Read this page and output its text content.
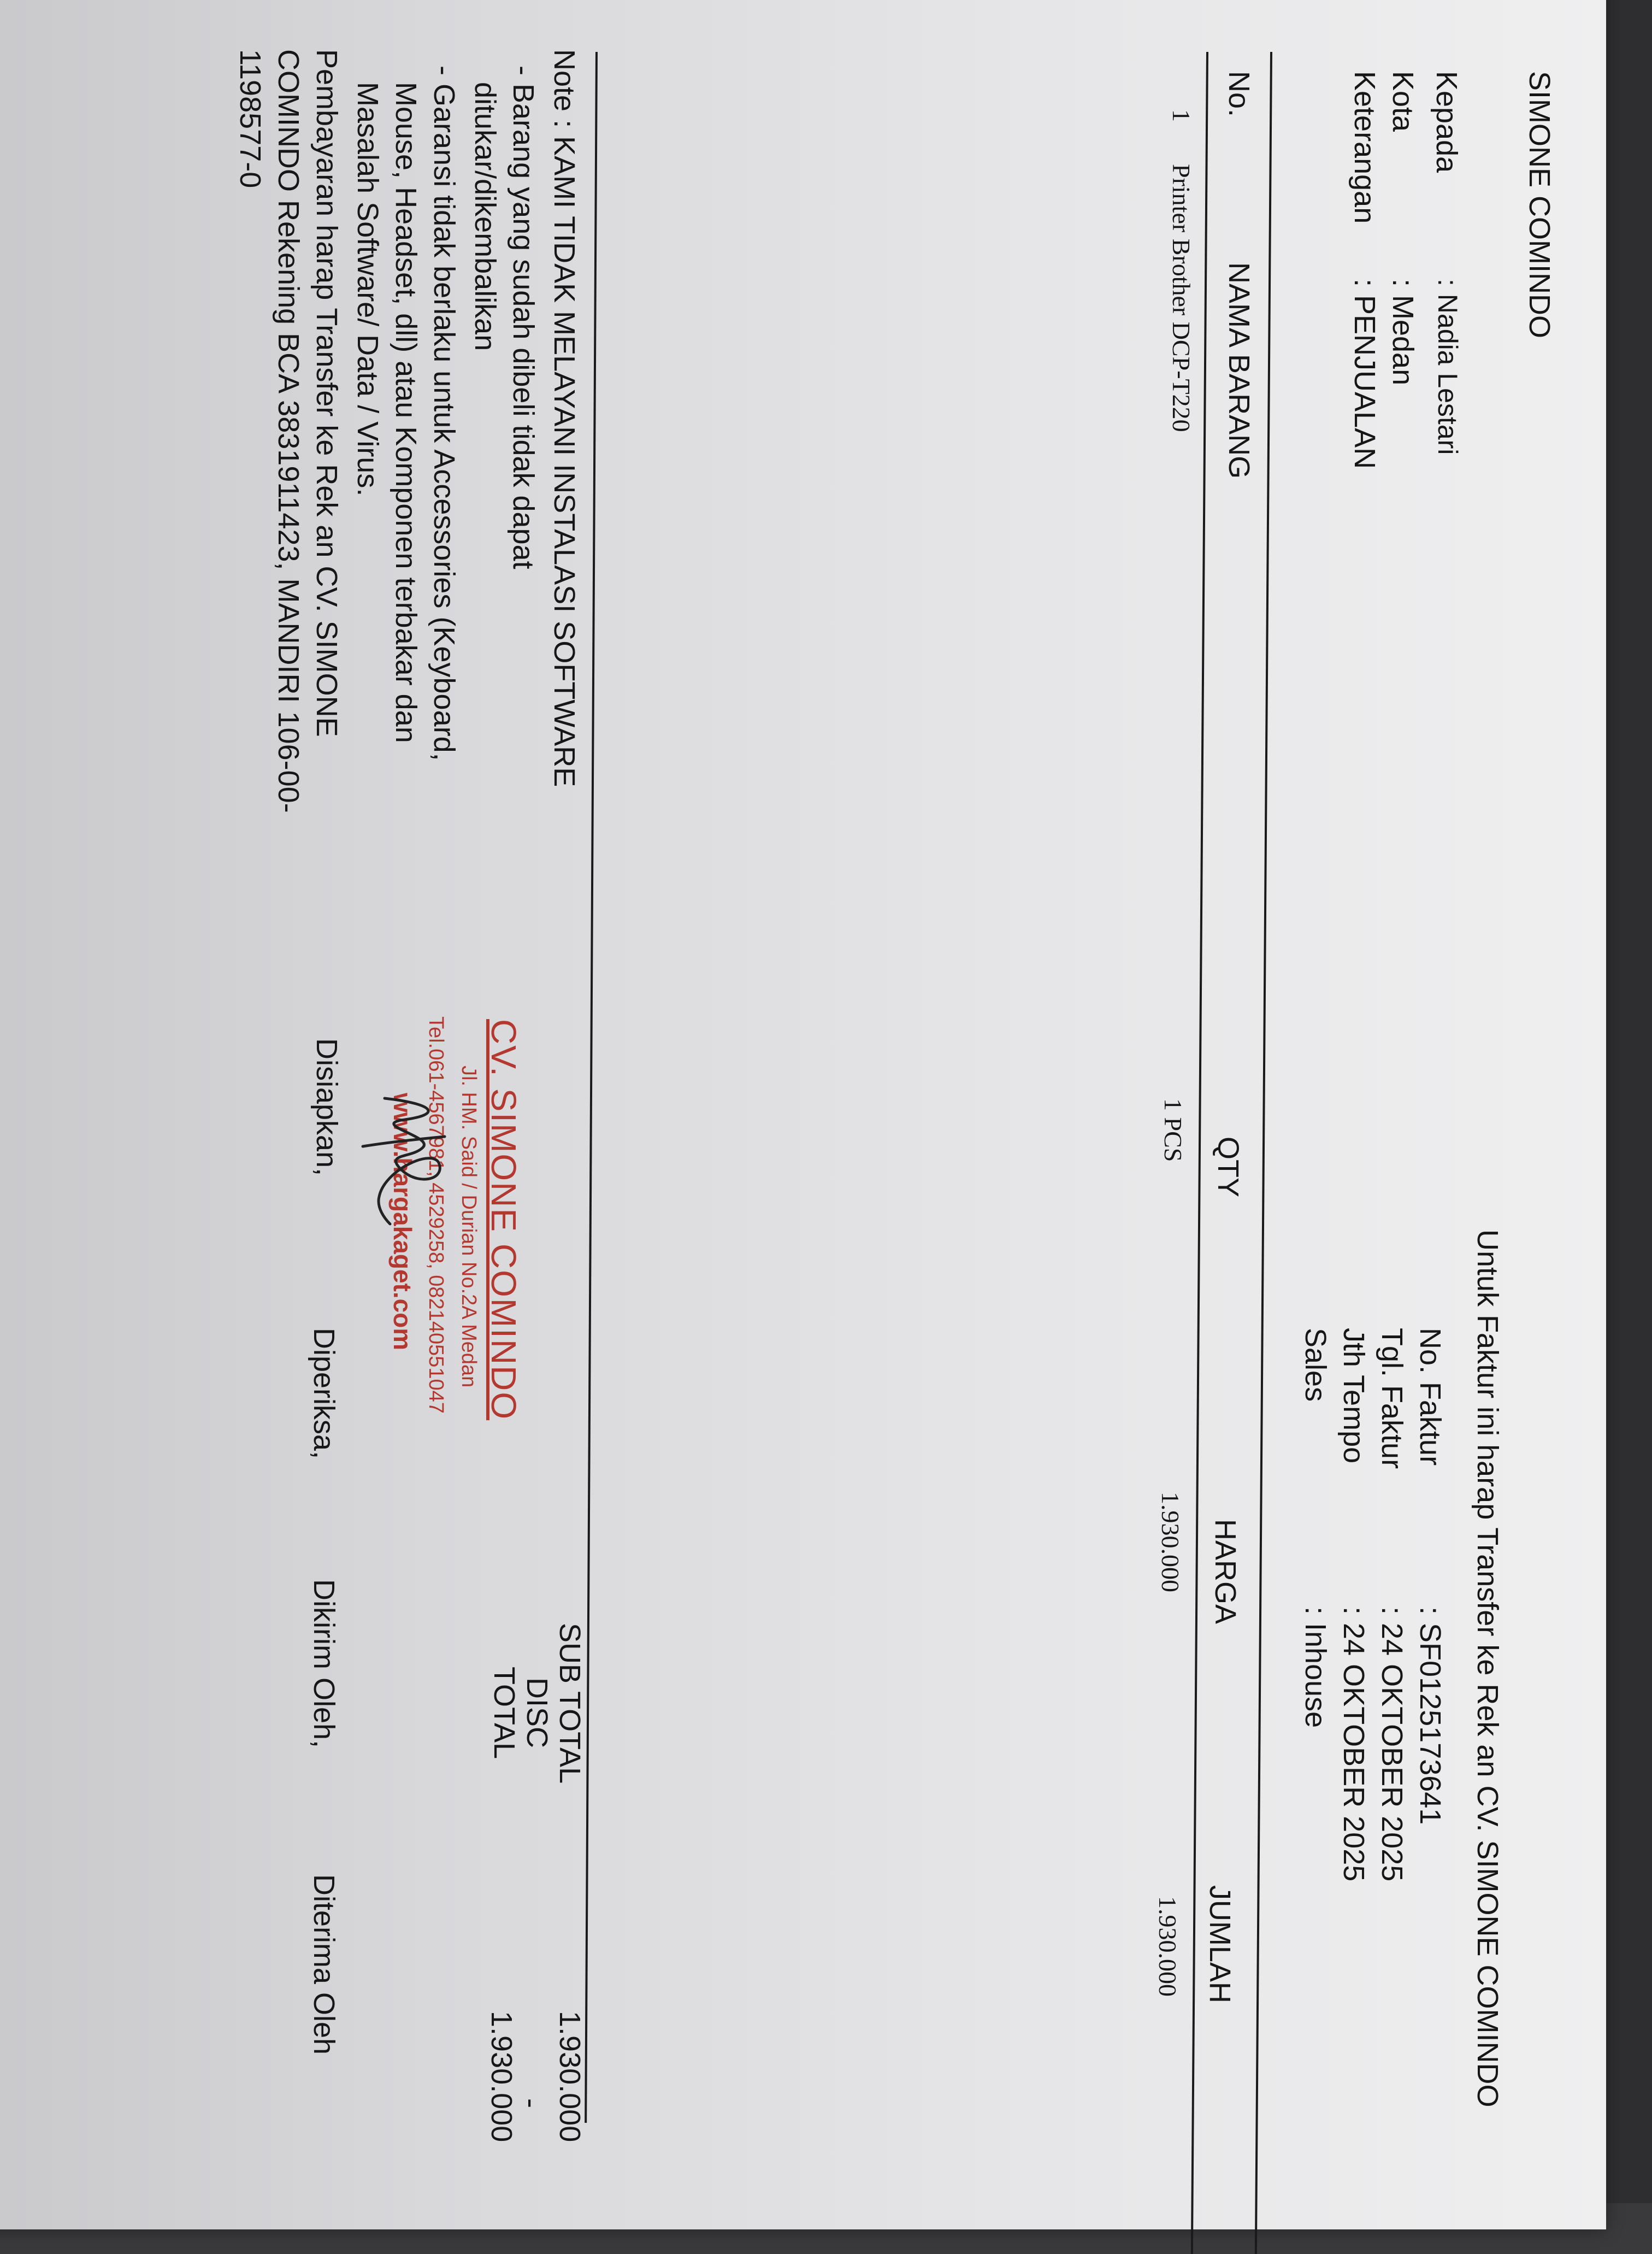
SIMONE COMINDO
Untuk Faktur ini harap Transfer ke Rek an CV. SIMONE COMINDO
Kepada
: Nadia Lestari
Kota
: Medan
Keterangan
: PENJUALAN
No. Faktur
: SF0125173641
Tgl. Faktur
: 24 OKTOBER 2025
Jth Tempo
: 24 OKTOBER 2025
Sales
: Inhouse
No.
NAMA BARANG
QTY
HARGA
JUMLAH
1
Printer Brother DCP-T220
1 PCS
1.930.000
1.930.000
Note : KAMI TIDAK MELAYANI INSTALASI SOFTWARE
- Barang yang sudah dibeli tidak dapat
ditukar/dikembalikan
- Garansi tidak berlaku untuk Accessories (Keyboard,
Mouse, Headset, dll) atau Komponen terbakar dan
Masalah Software/ Data / Virus.
Pembayaran harap Transfer ke Rek an CV. SIMONE
COMINDO Rekening BCA 3831911423, MANDIRI 106-00-
1198577-0
CV. SIMONE COMINDO
Jl. HM. Said / Durian No.2A Medan
Tel.061-4567981, 4529258, 082140551047
www.hargakaget.com
Disiapkan,
Diperiksa,
Dikirim Oleh,
Diterima Oleh
SUB TOTAL
1.930.000
DISC
-
TOTAL
1.930.000
